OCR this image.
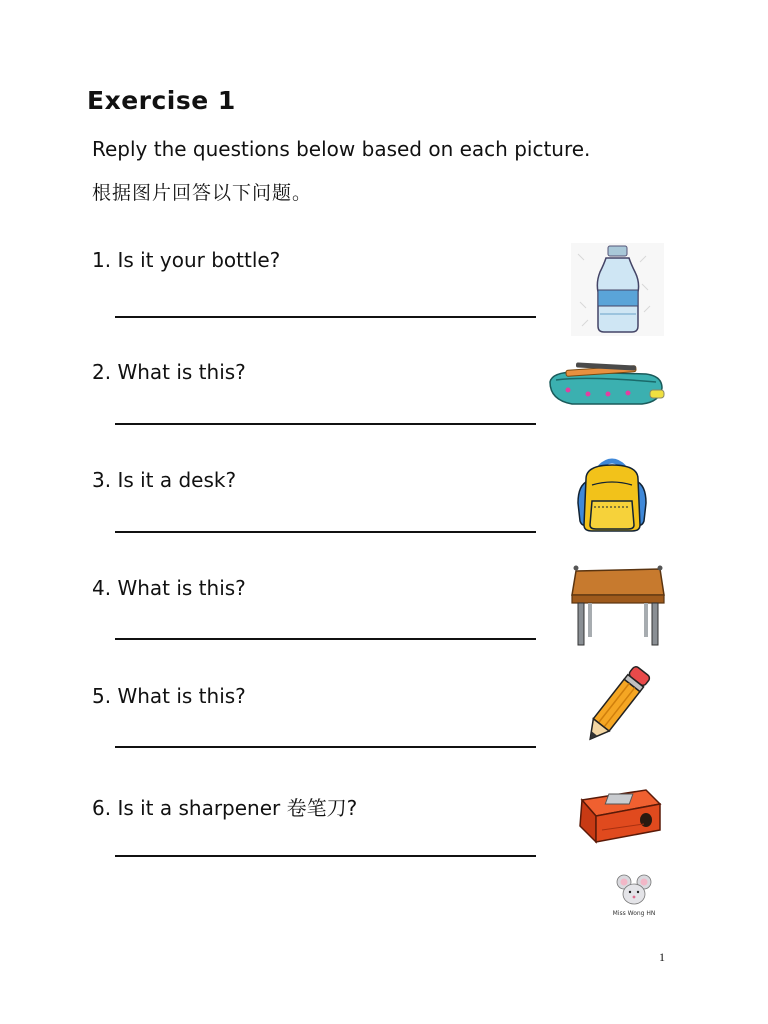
Exercise 1
Reply the questions below based on each picture.
根据图片回答以下问题。
1. Is it your bottle?
2. What is this?
3. Is it a desk?
4. What is this?
5. What is this?
6. Is it a sharpener 卷笔刀?
Miss Wong HN
1
